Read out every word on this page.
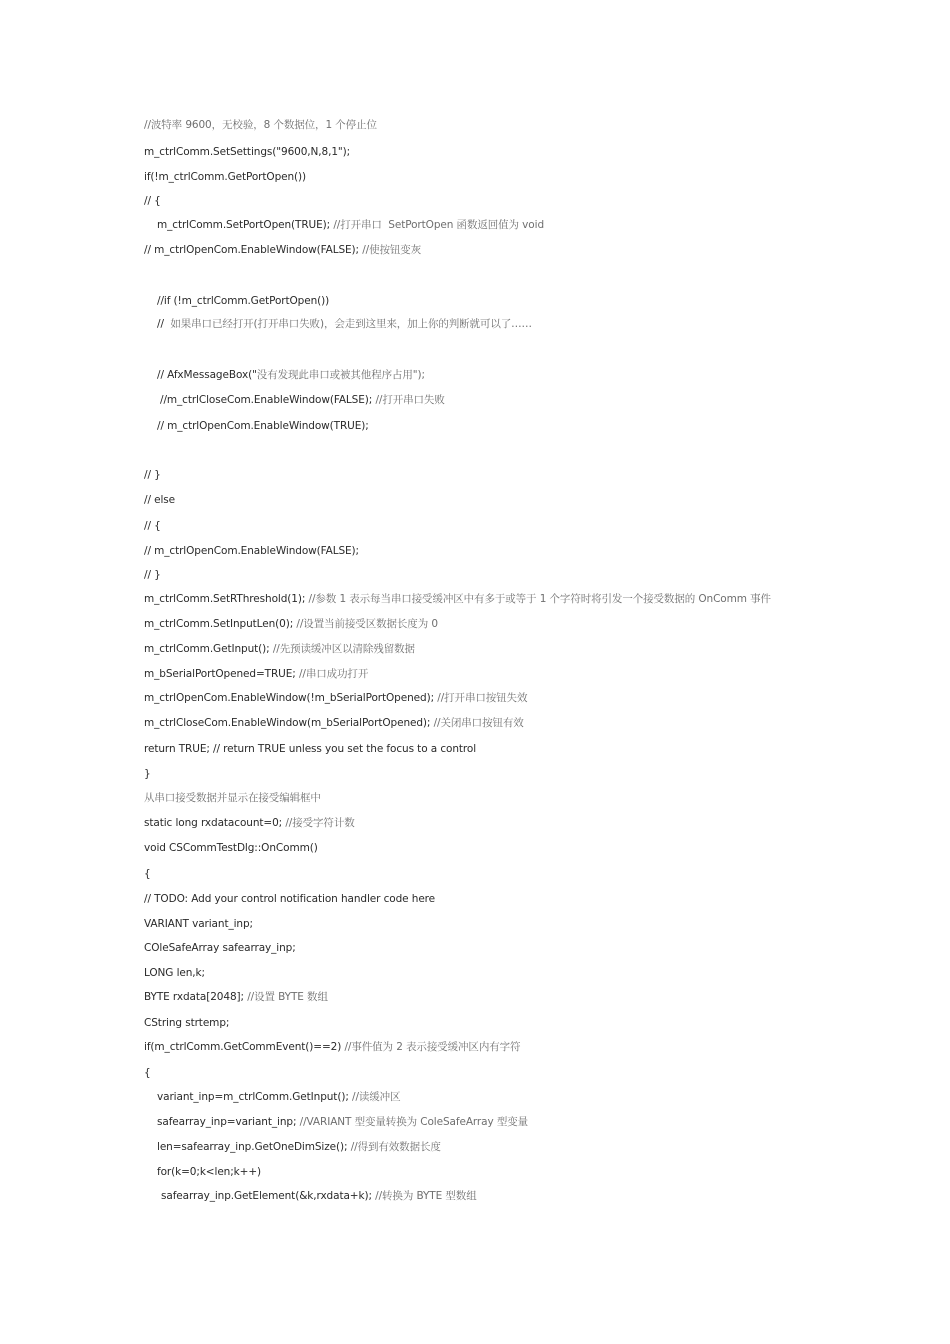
//波特率 9600，无校验，8 个数据位，1 个停止位
m_ctrlComm.SetSettings("9600,N,8,1");
if(!m_ctrlComm.GetPortOpen())
// {
m_ctrlComm.SetPortOpen(TRUE); //打开串口  SetPortOpen 函数返回值为 void
// m_ctrlOpenCom.EnableWindow(FALSE); //使按钮变灰
//if (!m_ctrlComm.GetPortOpen())
//  如果串口已经打开(打开串口失败)，会走到这里来，加上你的判断就可以了……
// AfxMessageBox("没有发现此串口或被其他程序占用");
//m_ctrlCloseCom.EnableWindow(FALSE); //打开串口失败
// m_ctrlOpenCom.EnableWindow(TRUE);
// }
// else
// {
// m_ctrlOpenCom.EnableWindow(FALSE);
// }
m_ctrlComm.SetRThreshold(1); //参数 1 表示每当串口接受缓冲区中有多于或等于 1 个字符时将引发一个接受数据的 OnComm 事件
m_ctrlComm.SetInputLen(0); //设置当前接受区数据长度为 0
m_ctrlComm.GetInput(); //先预读缓冲区以清除残留数据
m_bSerialPortOpened=TRUE; //串口成功打开
m_ctrlOpenCom.EnableWindow(!m_bSerialPortOpened); //打开串口按钮失效
m_ctrlCloseCom.EnableWindow(m_bSerialPortOpened); //关闭串口按钮有效
return TRUE; // return TRUE unless you set the focus to a control
}
从串口接受数据并显示在接受编辑框中
static long rxdatacount=0; //接受字符计数
void CSCommTestDlg::OnComm()
{
// TODO: Add your control notification handler code here
VARIANT variant_inp;
COleSafeArray safearray_inp;
LONG len,k;
BYTE rxdata[2048]; //设置 BYTE 数组
CString strtemp;
if(m_ctrlComm.GetCommEvent()==2) //事件值为 2 表示接受缓冲区内有字符
{
variant_inp=m_ctrlComm.GetInput(); //读缓冲区
safearray_inp=variant_inp; //VARIANT 型变量转换为 ColeSafeArray 型变量
len=safearray_inp.GetOneDimSize(); //得到有效数据长度
for(k=0;k<len;k++)
safearray_inp.GetElement(&k,rxdata+k); //转换为 BYTE 型数组
